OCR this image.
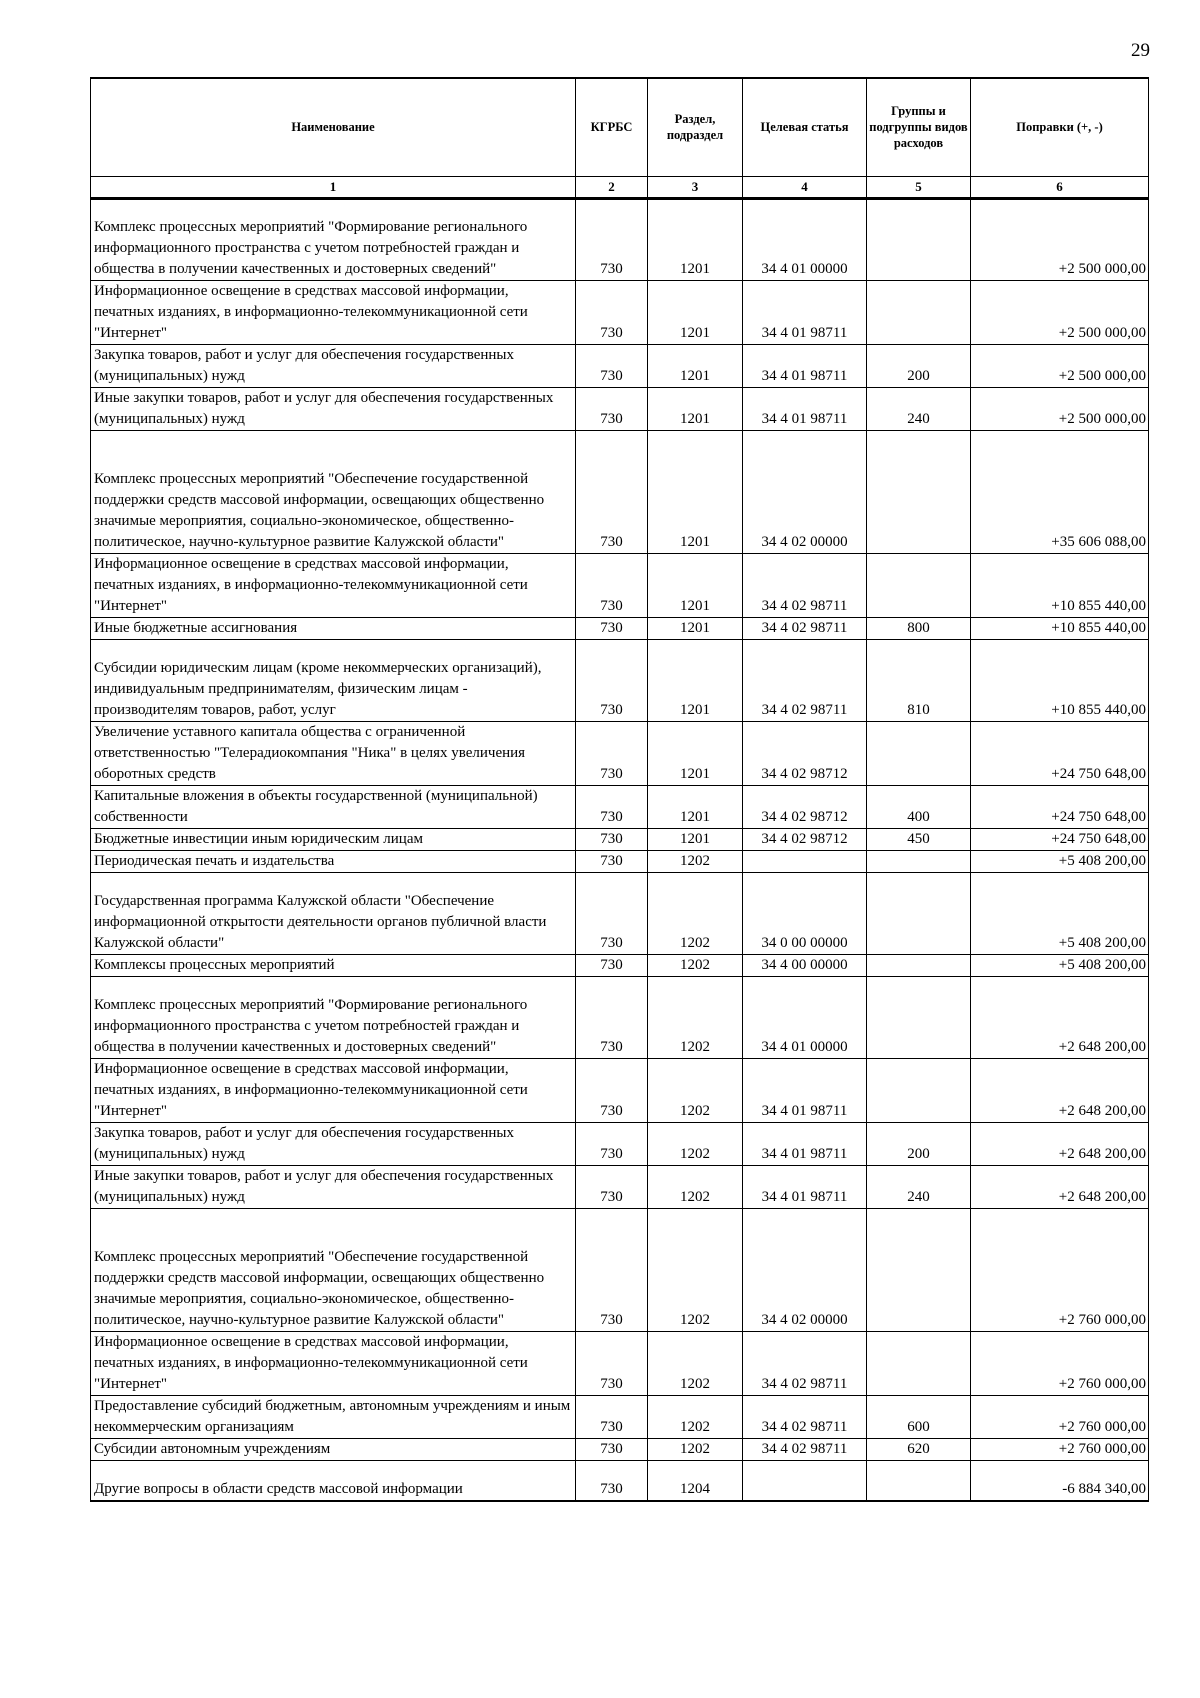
29
Наименование	КГРБС	Раздел, подраздел	Целевая статья	Группы и подгруппы видов расходов	Поправки (+, -)
1	2	3	4	5	6
Комплекс процессных мероприятий "Формирование регионального информационного пространства с учетом потребностей граждан и общества в получении качественных и достоверных сведений"	730	1201	34 4 01 00000		+2 500 000,00
Информационное освещение в средствах массовой информации, печатных изданиях, в информационно-телекоммуникационной сети "Интернет"	730	1201	34 4 01 98711		+2 500 000,00
Закупка товаров, работ и услуг для обеспечения государственных (муниципальных) нужд	730	1201	34 4 01 98711	200	+2 500 000,00
Иные закупки товаров, работ и услуг для обеспечения государственных (муниципальных) нужд	730	1201	34 4 01 98711	240	+2 500 000,00
Комплекс процессных мероприятий "Обеспечение государственной поддержки средств массовой информации, освещающих общественно значимые мероприятия, социально-экономическое, общественно-политическое, научно-культурное развитие Калужской области"	730	1201	34 4 02 00000		+35 606 088,00
Информационное освещение в средствах массовой информации, печатных изданиях, в информационно-телекоммуникационной сети "Интернет"	730	1201	34 4 02 98711		+10 855 440,00
Иные бюджетные ассигнования	730	1201	34 4 02 98711	800	+10 855 440,00
Субсидии юридическим лицам (кроме некоммерческих организаций), индивидуальным предпринимателям, физическим лицам - производителям товаров, работ, услуг	730	1201	34 4 02 98711	810	+10 855 440,00
Увеличение уставного капитала общества с ограниченной ответственностью "Телерадиокомпания "Ника" в целях увеличения оборотных средств	730	1201	34 4 02 98712		+24 750 648,00
Капитальные вложения в объекты государственной (муниципальной) собственности	730	1201	34 4 02 98712	400	+24 750 648,00
Бюджетные инвестиции иным юридическим лицам	730	1201	34 4 02 98712	450	+24 750 648,00
Периодическая печать и издательства	730	1202			+5 408 200,00
Государственная программа Калужской области "Обеспечение информационной открытости деятельности органов публичной власти Калужской области"	730	1202	34 0 00 00000		+5 408 200,00
Комплексы процессных мероприятий	730	1202	34 4 00 00000		+5 408 200,00
Комплекс процессных мероприятий "Формирование регионального информационного пространства с учетом потребностей граждан и общества в получении качественных и достоверных сведений"	730	1202	34 4 01 00000		+2 648 200,00
Информационное освещение в средствах массовой информации, печатных изданиях, в информационно-телекоммуникационной сети "Интернет"	730	1202	34 4 01 98711		+2 648 200,00
Закупка товаров, работ и услуг для обеспечения государственных (муниципальных) нужд	730	1202	34 4 01 98711	200	+2 648 200,00
Иные закупки товаров, работ и услуг для обеспечения государственных (муниципальных) нужд	730	1202	34 4 01 98711	240	+2 648 200,00
Комплекс процессных мероприятий "Обеспечение государственной поддержки средств массовой информации, освещающих общественно значимые мероприятия, социально-экономическое, общественно-политическое, научно-культурное развитие Калужской области"	730	1202	34 4 02 00000		+2 760 000,00
Информационное освещение в средствах массовой информации, печатных изданиях, в информационно-телекоммуникационной сети "Интернет"	730	1202	34 4 02 98711		+2 760 000,00
Предоставление субсидий бюджетным, автономным учреждениям и иным некоммерческим организациям	730	1202	34 4 02 98711	600	+2 760 000,00
Субсидии автономным учреждениям	730	1202	34 4 02 98711	620	+2 760 000,00
Другие вопросы в области средств массовой информации	730	1204			-6 884 340,00
